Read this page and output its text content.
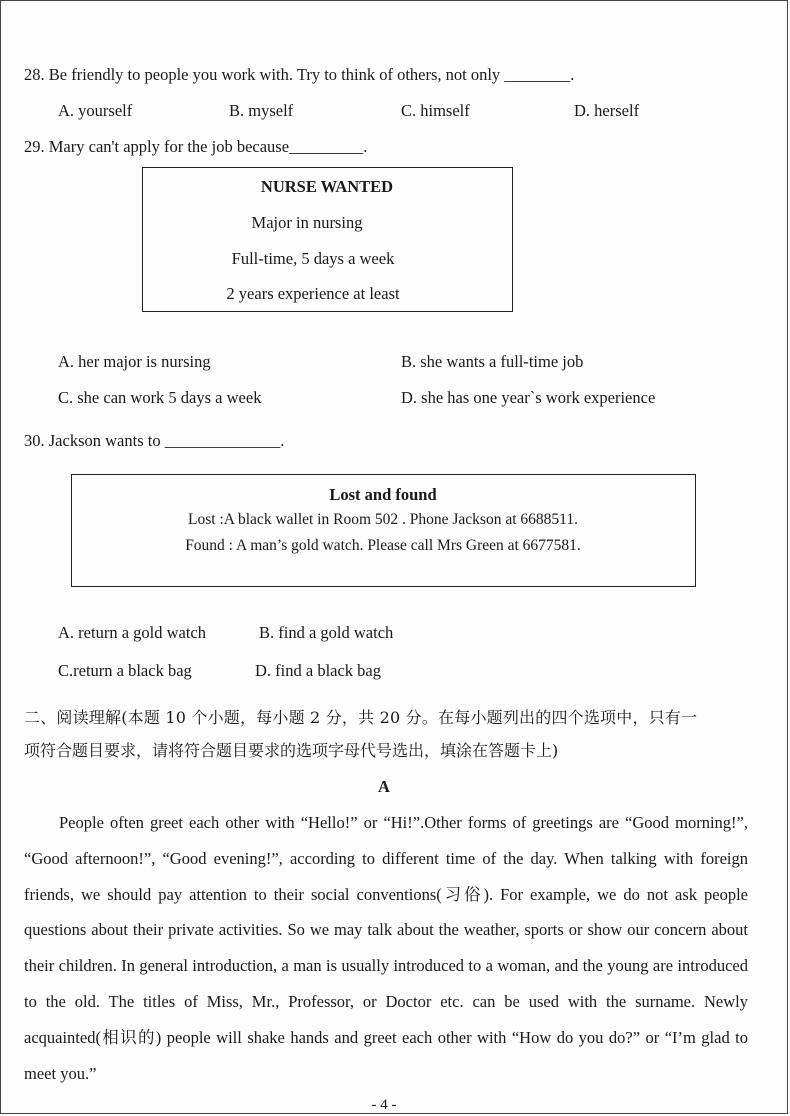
28. Be friendly to people you work with. Try to think of others, not only ________.
A. yourself	B. myself	C. himself	D. herself
29. Mary can't apply for the job because_________.
NURSE WANTED
Major in nursing
Full-time, 5 days a week
2 years experience at least
A. her major is nursing	B. she wants a full-time job
C. she can work 5 days a week	D. she has one year`s work experience
30. Jackson wants to ______________.
Lost and found
Lost :A black wallet in Room 502 . Phone Jackson at 6688511.
Found : A man’s gold watch. Please call Mrs Green at 6677581.
A. return a gold watch	B. find a gold watch
C.return a black bag	D. find a black bag
二、阅读理解(本题 10 个小题，每小题 2 分，共 20 分。在每小题列出的四个选项中，只有一
项符合题目要求，请将符合题目要求的选项字母代号选出，填涂在答题卡上)
A

People often greet each other with “Hello!” or “Hi!”.Other forms of greetings are “Good morning!”, “Good afternoon!”, “Good evening!”, according to different time of the day. When talking with foreign friends, we should pay attention to their social conventions(习俗). For example, we do not ask people questions about their private activities. So we may talk about the weather, sports or show our concern about their children. In general introduction, a man is usually introduced to a woman, and the young are introduced to the old. The titles of Miss, Mr., Professor, or Doctor etc. can be used with the surname. Newly acquainted(相识的) people will shake hands and greet each other with “How do you do?” or “I’m glad to meet you.”

- 4 -
